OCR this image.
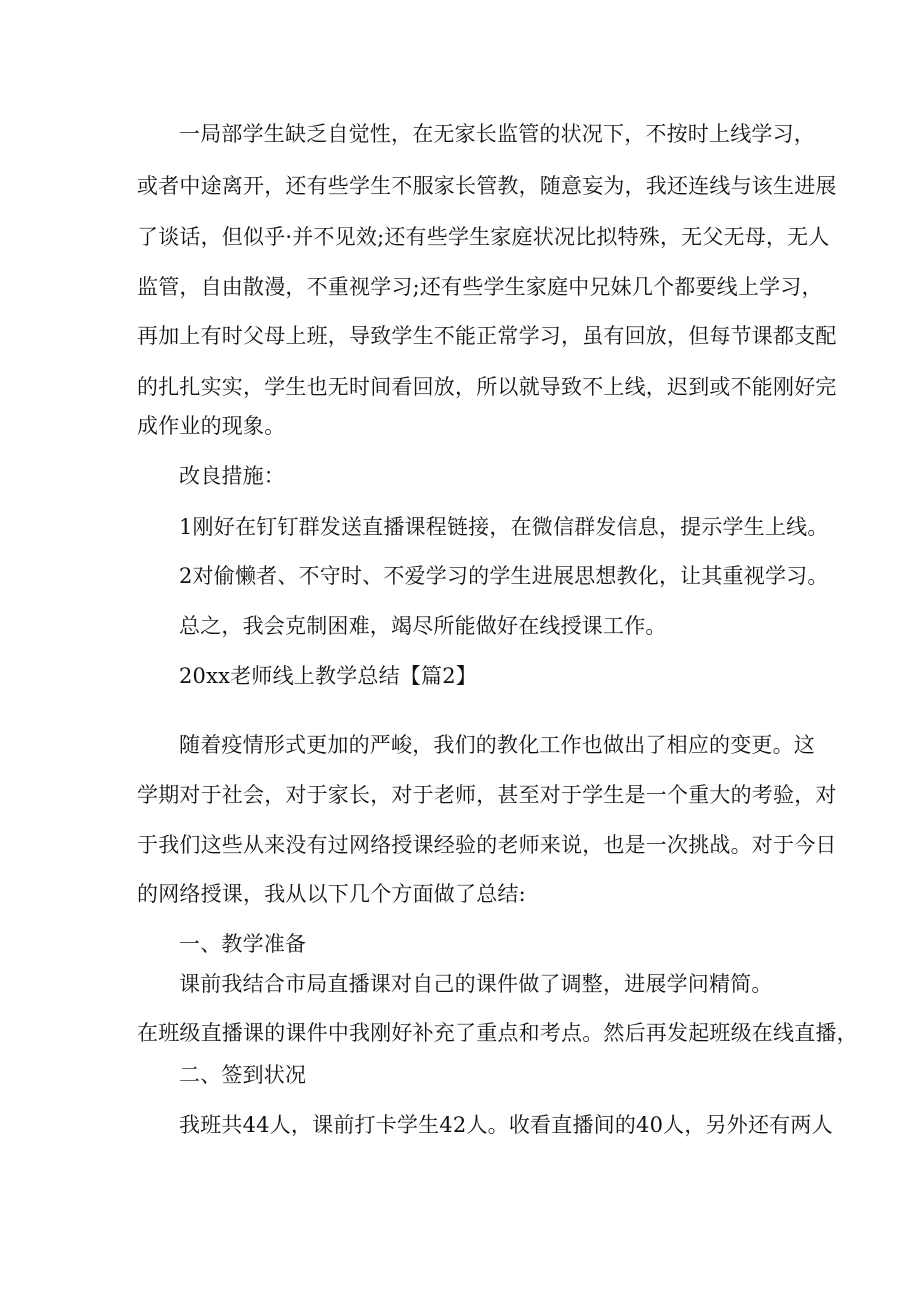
一局部学生缺乏自觉性，在无家长监管的状况下，不按时上线学习，
或者中途离开，还有些学生不服家长管教，随意妄为，我还连线与该生进展
了谈话，但似乎·并不见效;还有些学生家庭状况比拟特殊，无父无母，无人
监管，自由散漫，不重视学习;还有些学生家庭中兄妹几个都要线上学习，
再加上有时父母上班，导致学生不能正常学习，虽有回放，但每节课都支配
的扎扎实实，学生也无时间看回放，所以就导致不上线，迟到或不能刚好完
成作业的现象。
改良措施：
1刚好在钉钉群发送直播课程链接，在微信群发信息，提示学生上线。
2对偷懒者、不守时、不爱学习的学生进展思想教化，让其重视学习。
总之，我会克制困难，竭尽所能做好在线授课工作。
20xx老师线上教学总结【篇2】
随着疫情形式更加的严峻，我们的教化工作也做出了相应的变更。这
学期对于社会，对于家长，对于老师，甚至对于学生是一个重大的考验，对
于我们这些从来没有过网络授课经验的老师来说，也是一次挑战。对于今日
的网络授课，我从以下几个方面做了总结:
一、教学准备
课前我结合市局直播课对自己的课件做了调整，进展学问精简。
在班级直播课的课件中我刚好补充了重点和考点。然后再发起班级在线直播，
二、签到状况
我班共44人，课前打卡学生42人。收看直播间的40人，另外还有两人
